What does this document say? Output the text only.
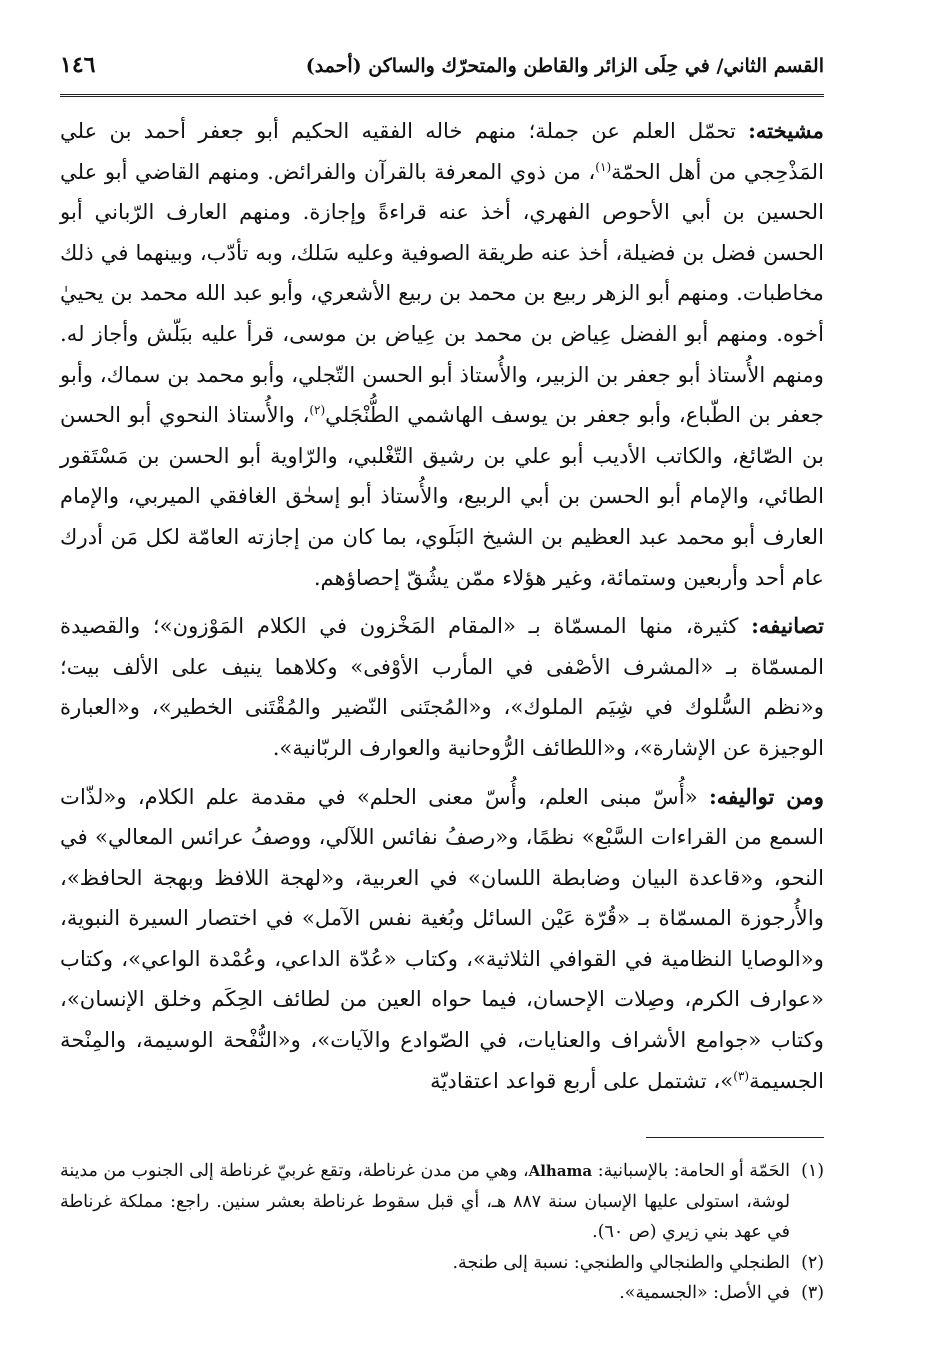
القسم الثاني/ في حِلَى الزائر والقاطن والمتحرّك والساكن (أحمد)
١٤٦

مشيخته: تحمّل العلم عن جملة؛ منهم خاله الفقيه الحكيم أبو جعفر أحمد بن علي المَذْحِجي من أهل الحمّة$^{(١)}$، من ذوي المعرفة بالقرآن والفرائض. ومنهم القاضي أبو علي الحسين بن أبي الأحوص الفهري، أخذ عنه قراءةً وإجازة. ومنهم العارف الرّباني أبو الحسن فضل بن فضيلة، أخذ عنه طريقة الصوفية وعليه سَلك، وبه تأدّب، وبينهما في ذلك مخاطبات. ومنهم أبو الزهر ربيع بن محمد بن ربيع الأشعري، وأبو عبد الله محمد بن يحييٰ أخوه. ومنهم أبو الفضل عِياض بن محمد بن عِياض بن موسى، قرأ عليه ببَلّش وأجاز له. ومنهم الأُستاذ أبو جعفر بن الزبير، والأُستاذ أبو الحسن التّجلي، وأبو محمد بن سماك، وأبو جعفر بن الطّباع، وأبو جعفر بن يوسف الهاشمي الطُّنْجَلي$^{(٢)}$، والأُستاذ النحوي أبو الحسن بن الصّائغ، والكاتب الأديب أبو علي بن رشيق التّغْلبي، والرّاوية أبو الحسن بن مَسْتَقور الطائي، والإمام أبو الحسن بن أبي الربيع، والأُستاذ أبو إسحٰق الغافقي الميربي، والإمام العارف أبو محمد عبد العظيم بن الشيخ البَلَوي، بما كان من إجازته العامّة لكل مَن أدرك عام أحد وأربعين وستمائة، وغير هؤلاء ممّن يشُقّ إحصاؤهم.

تصانيفه: كثيرة، منها المسمّاة بـ «المقام المَخْزون في الكلام المَوْزون»؛ والقصيدة المسمّاة بـ «المشرف الأصْفى في المأرب الأوْفى» وكلاهما ينيف على الألف بيت؛ و«نظم السُّلوك في شِيَم الملوك»، و«المُجتَنى النّضير والمُقْتَنى الخطير»، و«العبارة الوجيزة عن الإشارة»، و«اللطائف الرُّوحانية والعوارف الربّانية».

ومن تواليفه: «أُسّ مبنى العلم، وأُسّ معنى الحلم» في مقدمة علم الكلام، و«لذّات السمع من القراءات السَّبْع» نظمًا، و«رصفُ نفائس اللآلي، ووصفُ عرائس المعالي» في النحو، و«قاعدة البيان وضابطة اللسان» في العربية، و«لهجة اللافظ وبهجة الحافظ»، والأُرجوزة المسمّاة بـ «قُرّة عَيْن السائل وبُغية نفس الآمل» في اختصار السيرة النبوية، و«الوصايا النظامية في القوافي الثلاثية»، وكتاب «عُدّة الداعي، وعُمْدة الواعي»، وكتاب «عوارف الكرم، وصِلات الإحسان، فيما حواه العين من لطائف الحِكَم وخلق الإنسان»، وكتاب «جوامع الأشراف والعنايات، في الصّوادع والآيات»، و«النُّفْحة الوسيمة، والمِنْحة الجسيمة$^{(٣)}$»، تشتمل على أربع قواعد اعتقاديّة

(١)
الحَمّة أو الحامة: بالإسبانية: Alhama، وهي من مدن غرناطة، وتقع غربيّ غرناطة إلى الجنوب من مدينة لوشة، استولى عليها الإسبان سنة ٨٨٧ هـ، أي قبل سقوط غرناطة بعشر سنين. راجع: مملكة غرناطة في عهد بني زيري (ص ٦٠).
(٢)
الطنجلي والطنجالي والطنجي: نسبة إلى طنجة.
(٣)
في الأصل: «الجسمية».
